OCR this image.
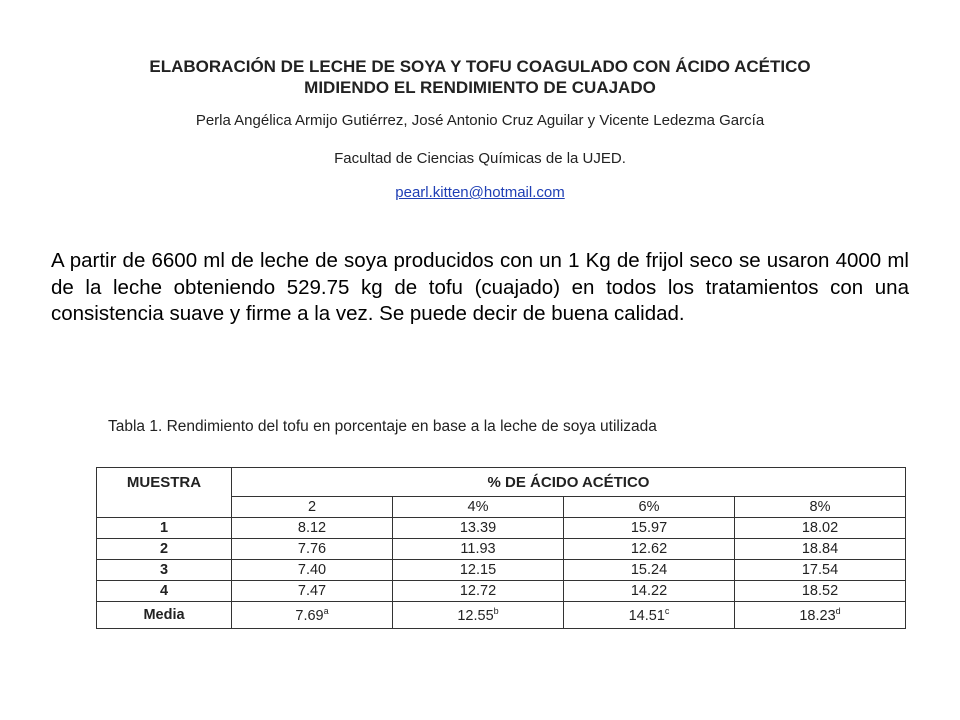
ELABORACIÓN DE LECHE DE SOYA Y TOFU COAGULADO CON ÁCIDO ACÉTICO
MIDIENDO EL RENDIMIENTO DE CUAJADO
Perla Angélica Armijo Gutiérrez, José Antonio Cruz Aguilar y Vicente Ledezma García
Facultad de Ciencias Químicas de la UJED.
pearl.kitten@hotmail.com

A partir de 6600 ml de leche de soya producidos con un 1 Kg de frijol seco se usaron 4000 ml de la leche obteniendo 529.75 kg de tofu (cuajado) en todos los tratamientos con una consistencia suave y firme a la vez. Se puede decir de buena calidad.

Tabla 1. Rendimiento del tofu en porcentaje en base a la leche de soya utilizada
MUESTRA	% DE ÁCIDO ACÉTICO			
	2	4%	6%	8%
1	8.12	13.39	15.97	18.02
2	7.76	11.93	12.62	18.84
3	7.40	12.15	15.24	17.54
4	7.47	12.72	14.22	18.52
Media	7.69$^a$	12.55$^b$	14.51$^c$	18.23$^d$
